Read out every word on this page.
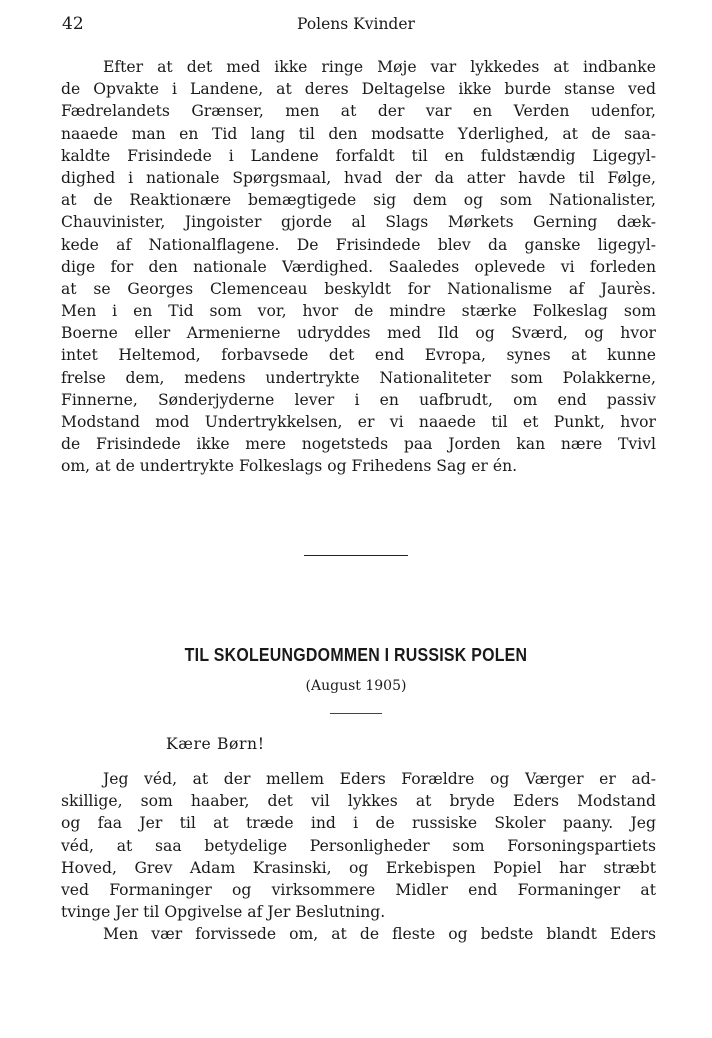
42	Polens Kvinder
Efter at det med ikke ringe Møje var lykkedes at indbanke
de Opvakte i Landene, at deres Deltagelse ikke burde stanse ved
Fædrelandets Grænser, men at der var en Verden udenfor,
naaede man en Tid lang til den modsatte Yderlighed, at de saa-
kaldte Frisindede i Landene forfaldt til en fuldstændig Ligegyl-
dighed i nationale Spørgsmaal, hvad der da atter havde til Følge,
at de Reaktionære bemægtigede sig dem og som Nationalister,
Chauvinister, Jingoister gjorde al Slags Mørkets Gerning dæk-
kede af Nationalflagene. De Frisindede blev da ganske ligegyl-
dige for den nationale Værdighed. Saaledes oplevede vi forleden
at se Georges Clemenceau beskyldt for Nationalisme af Jaurès.
Men i en Tid som vor, hvor de mindre stærke Folkeslag som
Boerne eller Armenierne udryddes med Ild og Sværd, og hvor
intet Heltemod, forbavsede det end Evropa, synes at kunne
frelse dem, medens undertrykte Nationaliteter som Polakkerne,
Finnerne, Sønderjyderne lever i en uafbrudt, om end passiv
Modstand mod Undertrykkelsen, er vi naaede til et Punkt, hvor
de Frisindede ikke mere nogetsteds paa Jorden kan nære Tvivl
om, at de undertrykte Folkeslags og Frihedens Sag er én.
TIL SKOLEUNGDOMMEN I RUSSISK POLEN
(August 1905)
Kære Børn!
Jeg véd, at der mellem Eders Forældre og Værger er ad-
skillige, som haaber, det vil lykkes at bryde Eders Modstand
og faa Jer til at træde ind i de russiske Skoler paany. Jeg
véd, at saa betydelige Personligheder som Forsoningspartiets
Hoved, Grev Adam Krasinski, og Erkebispen Popiel har stræbt
ved Formaninger og virksommere Midler end Formaninger at
tvinge Jer til Opgivelse af Jer Beslutning.
Men vær forvissede om, at de fleste og bedste blandt Eders
